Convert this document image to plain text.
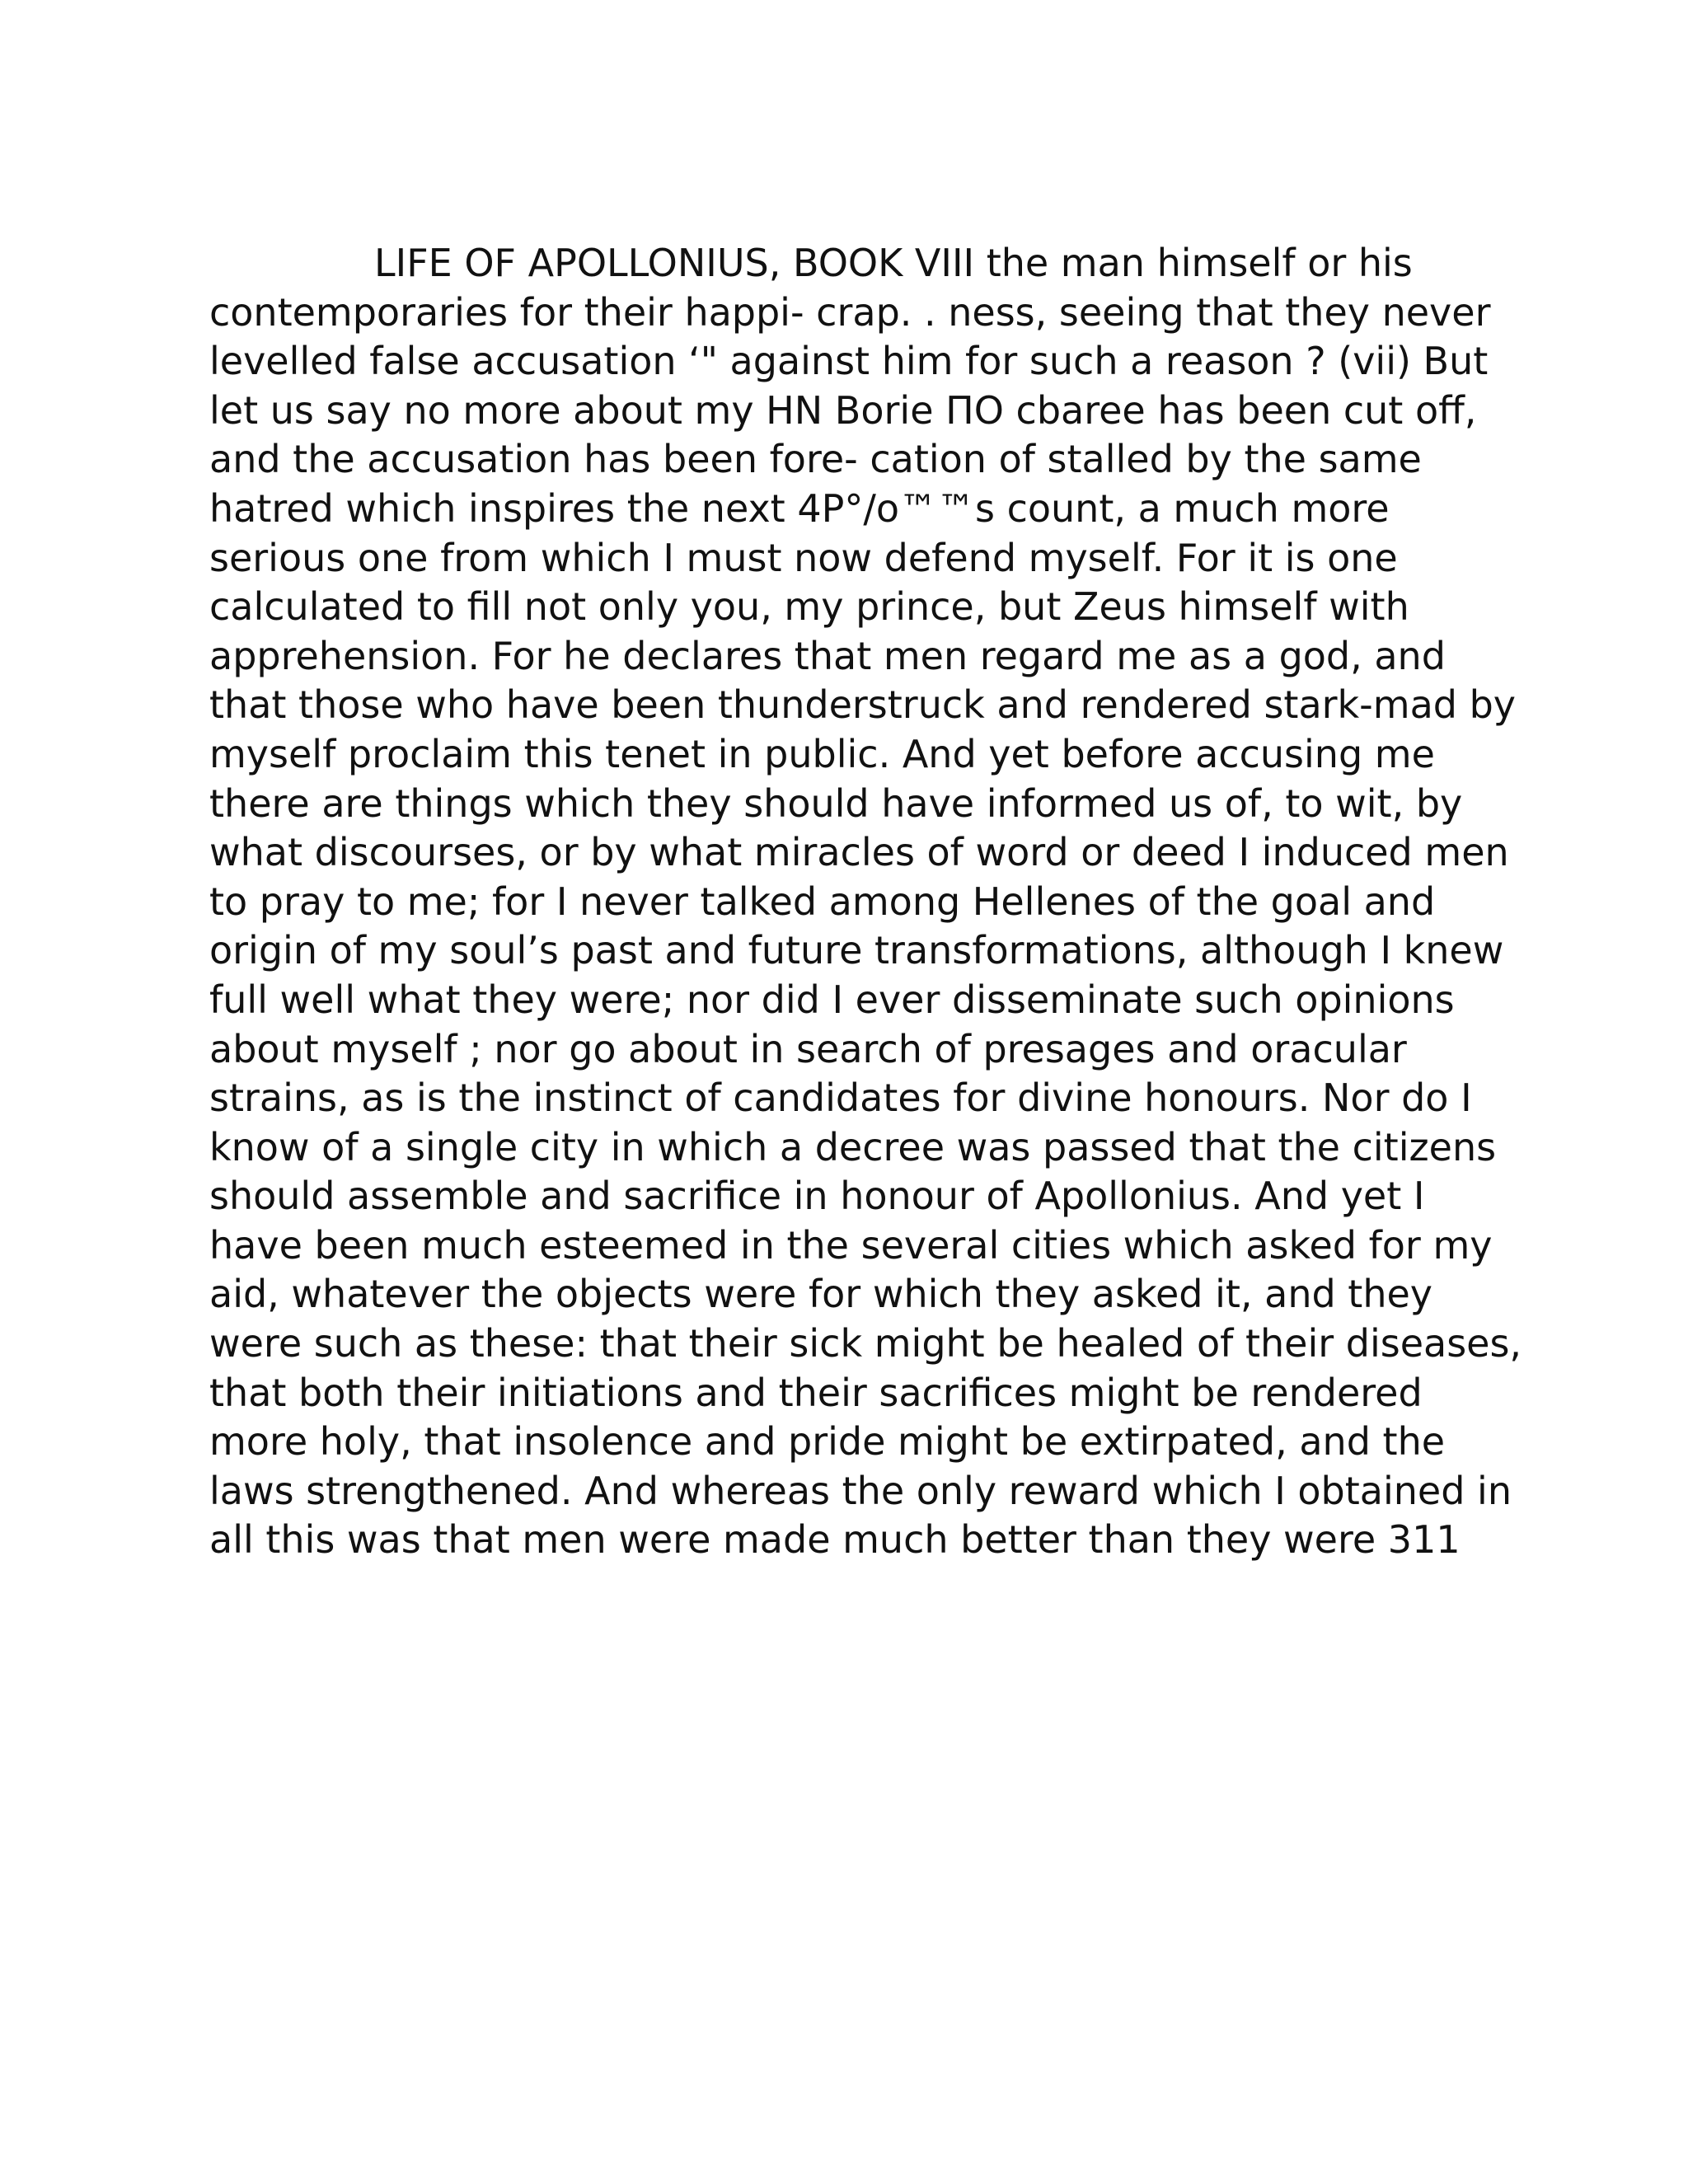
LIFE OF APOLLONIUS, BOOK VIII the man himself or his
contemporaries for their happi- crap. . ness, seeing that they never
levelled false accusation ‘" against him for such a reason ? (vii) But
let us say no more about my HN Borie ПО cbaree has been cut off,
and the accusation has been fore- cation of stalled by the same
hatred which inspires the next 4P°/o™™s count, a much more
serious one from which I must now defend myself. For it is one
calculated to fill not only you, my prince, but Zeus himself with
apprehension. For he declares that men regard me as a god, and
that those who have been thunderstruck and rendered stark-mad by
myself proclaim this tenet in public. And yet before accusing me
there are things which they should have informed us of, to wit, by
what discourses, or by what miracles of word or deed I induced men
to pray to me; for I never talked among Hellenes of the goal and
origin of my soul’s past and future transformations, although I knew
full well what they were; nor did I ever disseminate such opinions
about myself ; nor go about in search of presages and oracular
strains, as is the instinct of candidates for divine honours. Nor do I
know of a single city in which a decree was passed that the citizens
should assemble and sacrifice in honour of Apollonius. And yet I
have been much esteemed in the several cities which asked for my
aid, whatever the objects were for which they asked it, and they
were such as these: that their sick might be healed of their diseases,
that both their initiations and their sacrifices might be rendered
more holy, that insolence and pride might be extirpated, and the
laws strengthened. And whereas the only reward which I obtained in
all this was that men were made much better than they were 311
